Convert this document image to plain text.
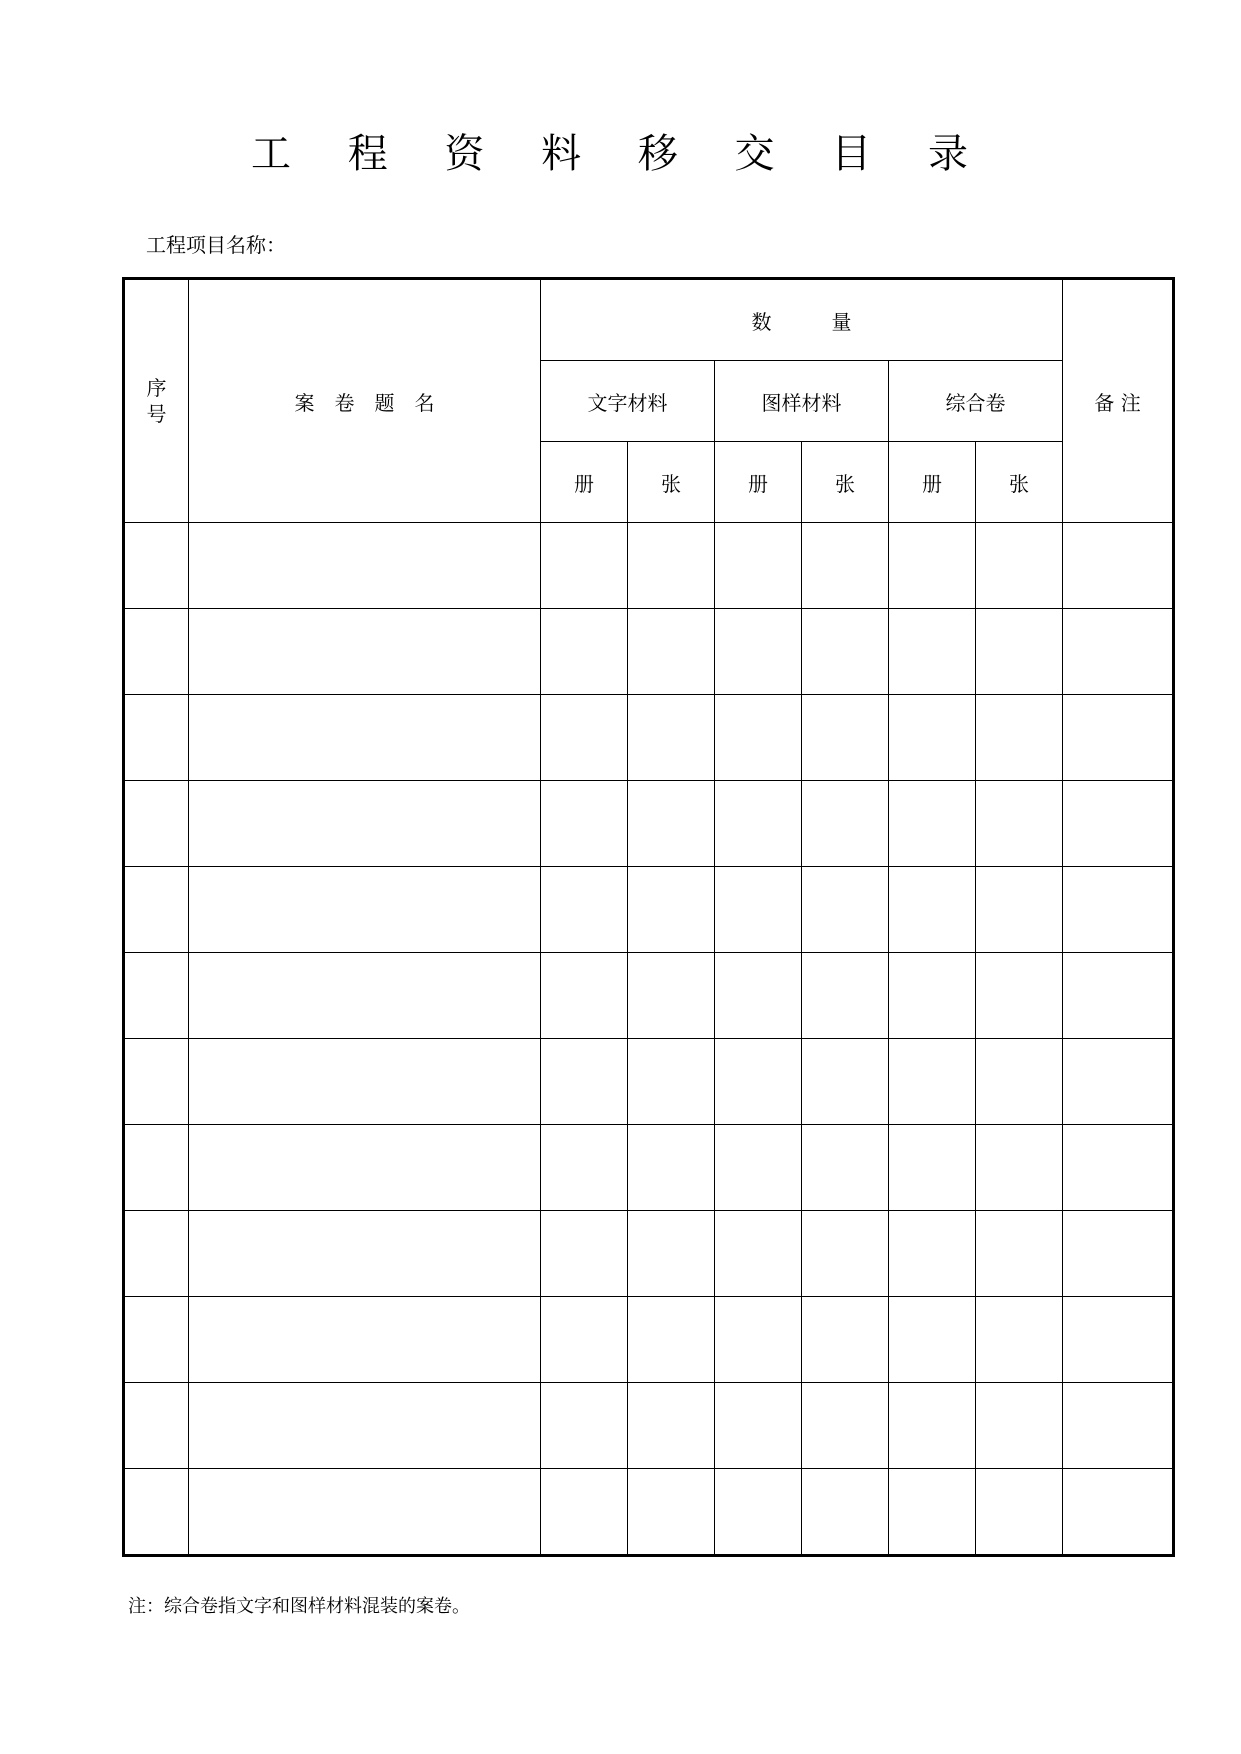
工 程 资 料 移 交 目 录
工程项目名称：
序
号	案　卷　题　名	数　　　量						备 注
		文字材料		图样材料		综合卷		
		册	张	册	张	册	张	

注：综合卷指文字和图样材料混装的案卷。
